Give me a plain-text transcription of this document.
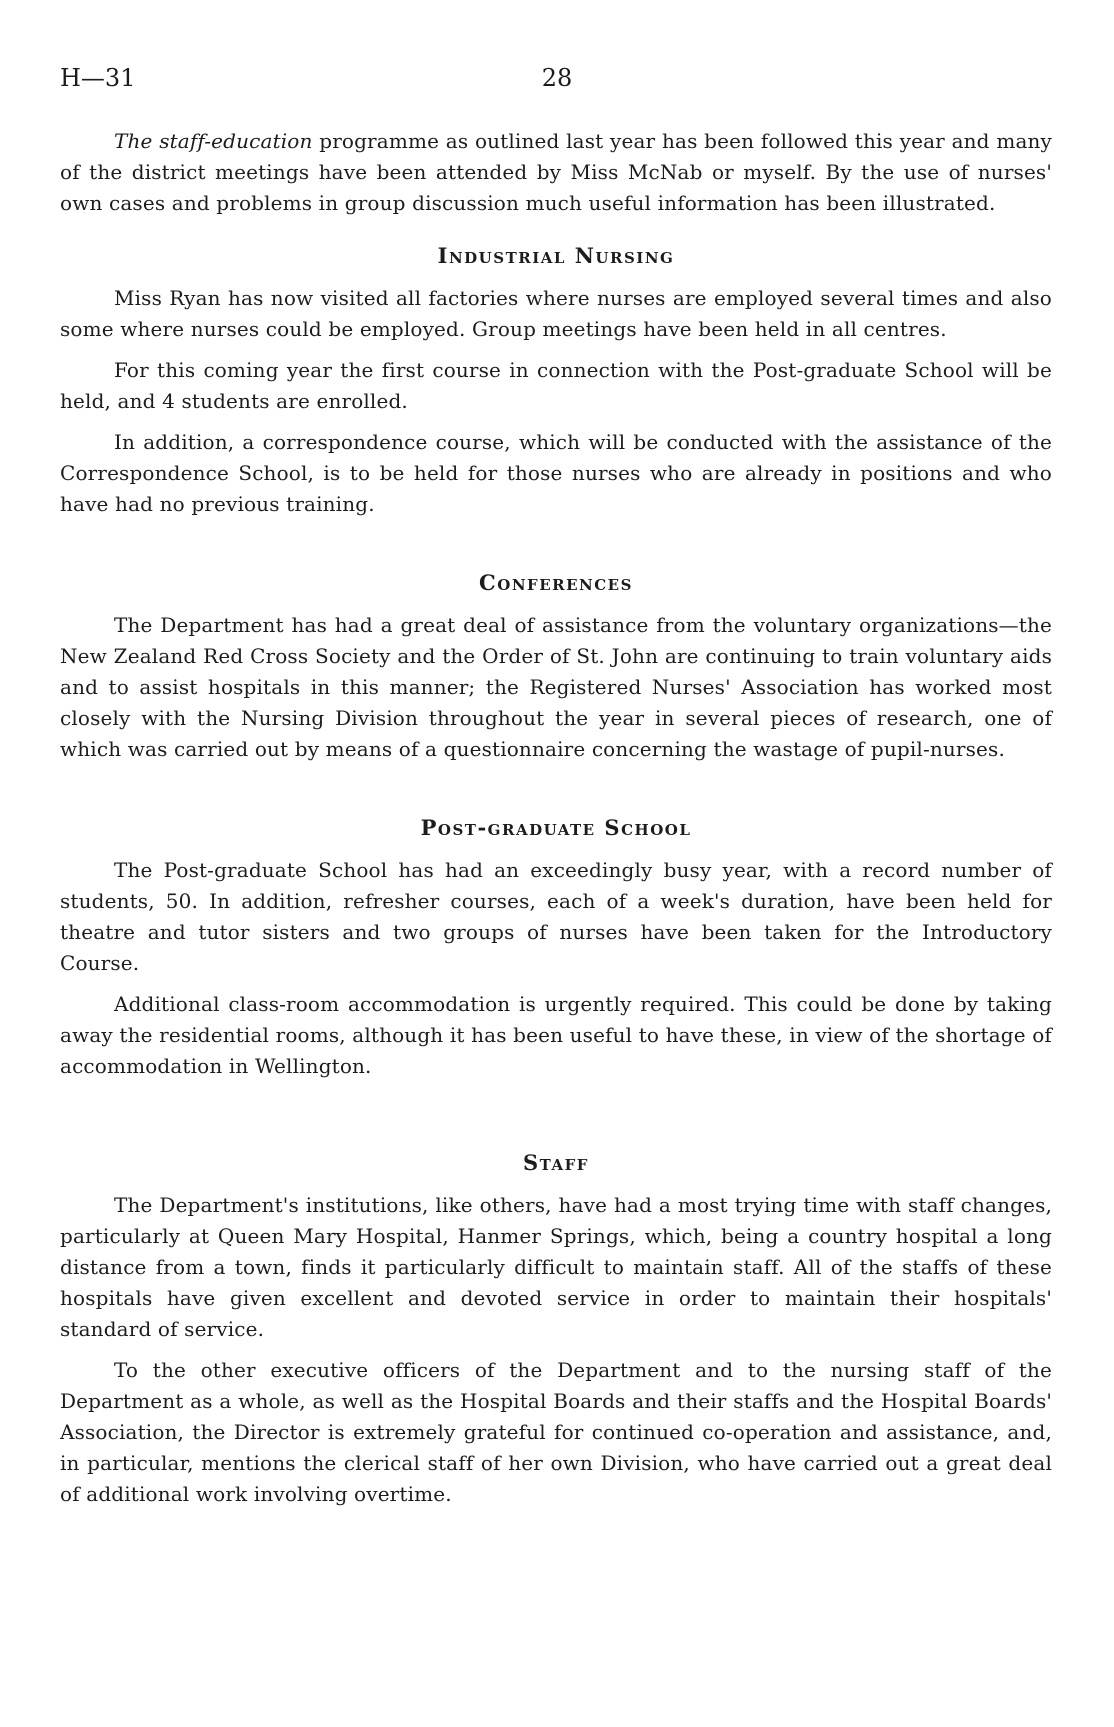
H—31	28

The staff-education programme as outlined last year has been followed this year and many of the district meetings have been attended by Miss McNab or myself. By the use of nurses' own cases and problems in group discussion much useful information has been illustrated.

Industrial Nursing

Miss Ryan has now visited all factories where nurses are employed several times and also some where nurses could be employed. Group meetings have been held in all centres.

For this coming year the first course in connection with the Post-graduate School will be held, and 4 students are enrolled.

In addition, a correspondence course, which will be conducted with the assistance of the Correspondence School, is to be held for those nurses who are already in positions and who have had no previous training.

Conferences

The Department has had a great deal of assistance from the voluntary organizations—the New Zealand Red Cross Society and the Order of St. John are continuing to train voluntary aids and to assist hospitals in this manner; the Registered Nurses' Association has worked most closely with the Nursing Division throughout the year in several pieces of research, one of which was carried out by means of a questionnaire concerning the wastage of pupil-nurses.

Post-graduate School

The Post-graduate School has had an exceedingly busy year, with a record number of students, 50. In addition, refresher courses, each of a week's duration, have been held for theatre and tutor sisters and two groups of nurses have been taken for the Introductory Course.

Additional class-room accommodation is urgently required. This could be done by taking away the residential rooms, although it has been useful to have these, in view of the shortage of accommodation in Wellington.

Staff

The Department's institutions, like others, have had a most trying time with staff changes, particularly at Queen Mary Hospital, Hanmer Springs, which, being a country hospital a long distance from a town, finds it particularly difficult to maintain staff. All of the staffs of these hospitals have given excellent and devoted service in order to maintain their hospitals' standard of service.

To the other executive officers of the Department and to the nursing staff of the Department as a whole, as well as the Hospital Boards and their staffs and the Hospital Boards' Association, the Director is extremely grateful for continued co-operation and assistance, and, in particular, mentions the clerical staff of her own Division, who have carried out a great deal of additional work involving overtime.
